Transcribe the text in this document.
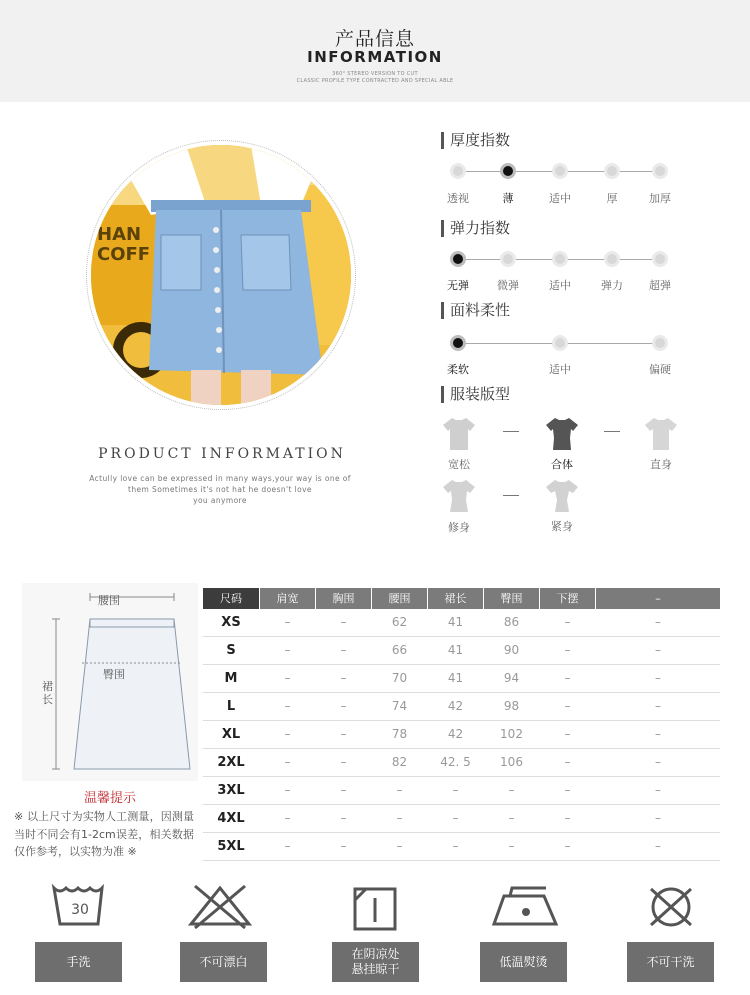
产品信息
INFORMATION
360° STEREO VERSION TO CUT
CLASSIC PROFILE TYPE CONTRACTED AND SPECIAL ABLE
HAN
COFF
PRODUCT INFORMATION
Actully love can be expressed in many ways,your way is one of
them Sometimes it's not hat he doesn't love
you anymore
厚度指数
透视	薄	适中	厚	加厚
弹力指数
无弹	微弹	适中	弹力	超弹
面料柔性
柔软	适中	偏硬
服装版型
宽松	合体	直身
修身	紧身
腰围
臀围
裙长
温馨提示
※ 以上尺寸为实物人工测量，因测量当时不同会有1-2cm误差，相关数据仅作参考，以实物为准 ※
尺码	肩宽	胸围	腰围	裙长	臀围	下摆	–
XS	–	–	62	41	86	–	–
S	–	–	66	41	90	–	–
M	–	–	70	41	94	–	–
L	–	–	74	42	98	–	–
XL	–	–	78	42	102	–	–
2XL	–	–	82	42. 5	106	–	–
3XL	–	–	–	–	–	–	–
4XL	–	–	–	–	–	–	–
5XL	–	–	–	–	–	–	–
30
手洗	不可漂白
在阴凉处
悬挂晾干
低温熨烫	不可干洗
